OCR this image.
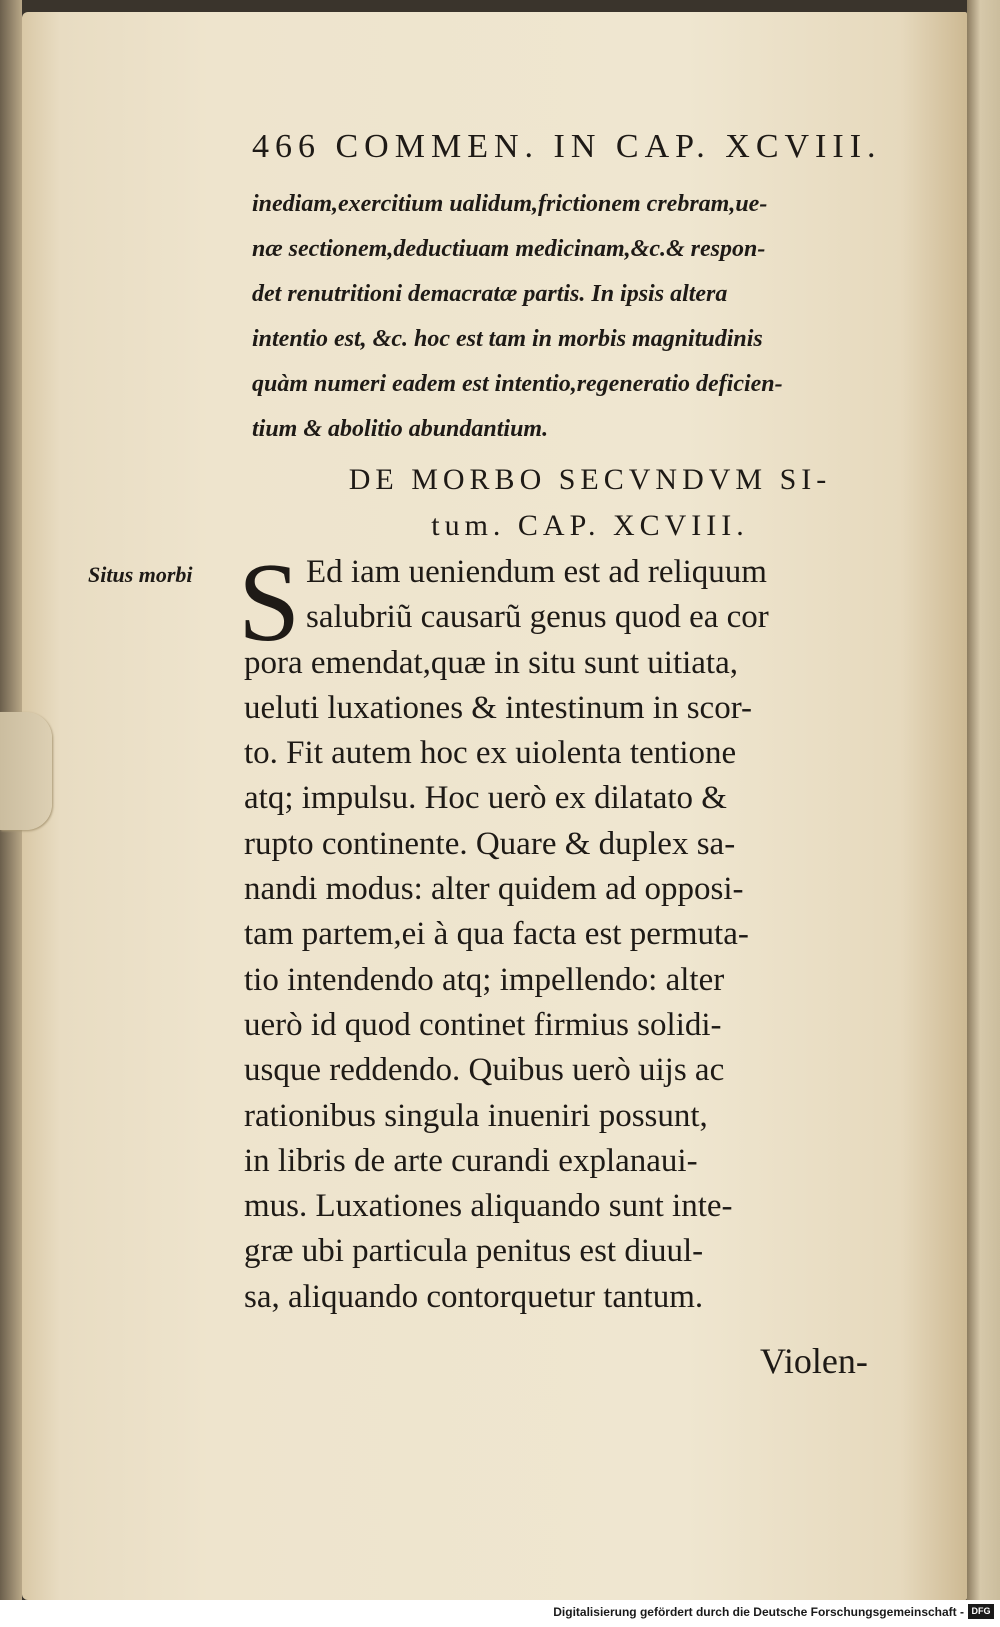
466 COMMEN. IN CAP. XCVIII.
inediam,exercitium ualidum,frictionem crebram,ue-
næ sectionem,deductiuam medicinam,&c.& respon-
det renutritioni demacratæ partis. In ipsis altera
intentio est, &c. hoc est tam in morbis magnitudinis
quàm numeri eadem est intentio,regeneratio deficien-
tium & abolitio abundantium.
DE MORBO SECVNDVM SI-
tum. CAP. XCVIII.
Situs morbi S Ed iam ueniendum est ad reliquum
salubriũ causarũ genus quod ea cor
pora emendat,quæ in situ sunt uitiata,
ueluti luxationes & intestinum in scor-
to. Fit autem hoc ex uiolenta tentione
atq; impulsu. Hoc uerò ex dilatato &
rupto continente. Quare & duplex sa-
nandi modus: alter quidem ad opposi-
tam partem,ei à qua facta est permuta-
tio intendendo atq; impellendo: alter
uerò id quod continet firmius solidi-
usque reddendo. Quibus uerò uijs ac
rationibus singula inueniri possunt,
in libris de arte curandi explanaui-
mus. Luxationes aliquando sunt inte-
græ ubi particula penitus est diuul-
sa, aliquando contorquetur tantum.
Violen-
Digitalisierung gefördert durch die Deutsche Forschungsgemeinschaft - DFG
